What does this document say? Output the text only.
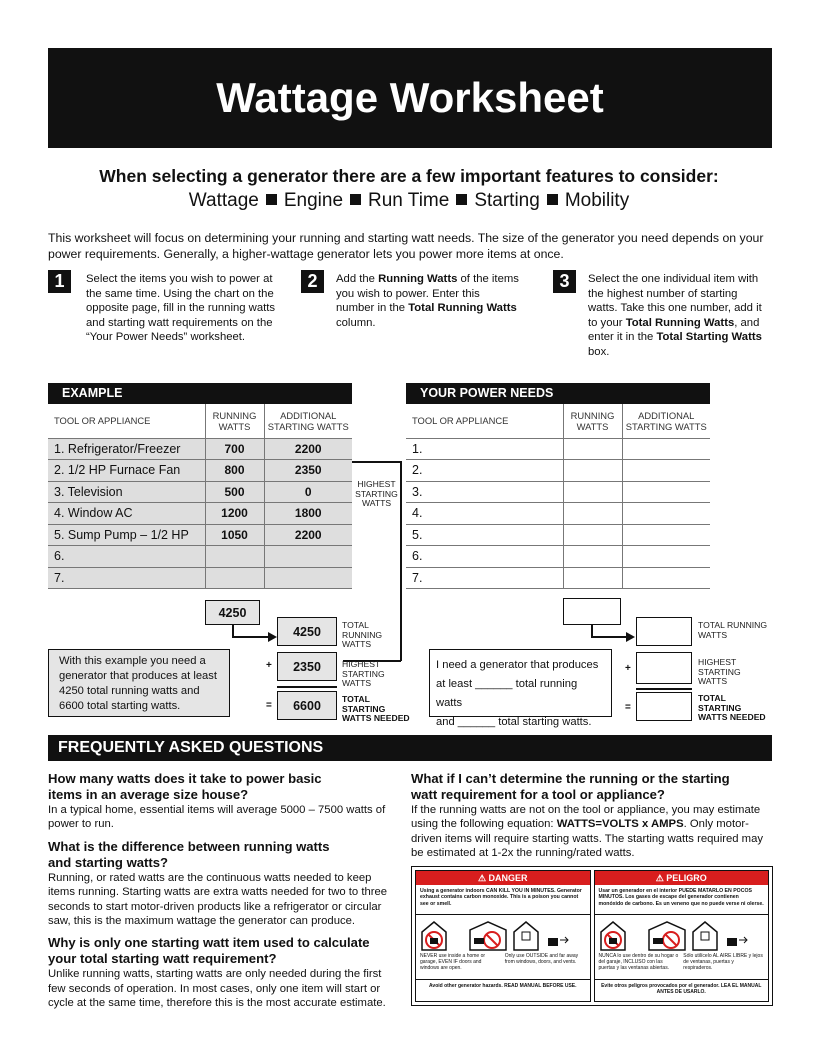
Wattage Worksheet
When selecting a generator there are a few important features to consider:
Wattage Engine Run Time Starting Mobility
This worksheet will focus on determining your running and starting watt needs. The size of the generator you need depends on your power requirements. Generally, a higher-wattage generator lets you power more items at once.
1	Select the items you wish to power at the same time. Using the chart on the opposite page, fill in the running watts and starting watt requirements on the “Your Power Needs” worksheet.
2	Add the Running Watts of the items you wish to power. Enter this number in the Total Running Watts column.
3	Select the one individual item with the highest number of starting watts. Take this one number, add it to your Total Running Watts, and enter it in the Total Starting Watts box.
EXAMPLE
TOOL OR APPLIANCE	RUNNING WATTS	ADDITIONAL STARTING WATTS
1. Refrigerator/Freezer	700	2200
2. 1/2 HP Furnace Fan	800	2350
3. Television	500	0
4. Window AC	1200	1800
5. Sump Pump – 1/2 HP	1050	2200
6.		
7.		
YOUR POWER NEEDS
TOOL OR APPLIANCE	RUNNING WATTS	ADDITIONAL STARTING WATTS
1.		
2.		
3.		
4.		
5.		
6.		
7.		
HIGHEST STARTING WATTS
4250
4250	TOTAL RUNNING WATTS
+	2350	HIGHEST STARTING WATTS
=	6600	TOTAL STARTING WATTS NEEDED
With this example you need a generator that produces at least 4250 total running watts and 6600 total starting watts.
TOTAL RUNNING WATTS
+
HIGHEST STARTING WATTS
=
TOTAL STARTING WATTS NEEDED
I need a generator that produces
at least ______ total running watts
and ______ total starting watts.
FREQUENTLY ASKED QUESTIONS
How many watts does it take to power basic items in an average size house?
In a typical home, essential items will average 5000 – 7500 watts of power to run.
What is the difference between running watts and starting watts?
Running, or rated watts are the continuous watts needed to keep items running. Starting watts are extra watts needed for two to three seconds to start motor-driven products like a refrigerator or circular saw, this is the maximum wattage the generator can produce.
Why is only one starting watt item used to calculate your total starting watt requirement?
Unlike running watts, starting watts are only needed during the first few seconds of operation. In most cases, only one item will start or cycle at the same time, therefore this is the most accurate estimate.
What if I can’t determine the running or the starting watt requirement for a tool or appliance?
If the running watts are not on the tool or appliance, you may estimate using the following equation: WATTS=VOLTS x AMPS. Only motor-driven items will require starting watts. The starting watts required may be estimated at 1-2x the running/rated watts.
⚠ DANGER
Using a generator indoors CAN KILL YOU IN MINUTES. Generator exhaust contains carbon monoxide. This is a poison you cannot see or smell.
NEVER use inside a home or garage, EVEN IF doors and windows are open.
Only use OUTSIDE and far away from windows, doors, and vents.
Avoid other generator hazards. READ MANUAL BEFORE USE.
⚠ PELIGRO
Usar un generador en el interior PUEDE MATARLO EN POCOS MINUTOS. Los gases de escape del generador contienen monóxido de carbono. Es un veneno que no puede verse ni olerse.
NUNCA lo use dentro de su hogar o del garaje, INCLUSO con las puertas y las ventanas abiertas.
Sólo utilícelo AL AIRE LIBRE y lejos de ventanas, puertas y respiraderos.
Evite otros peligros provocados por el generador. LEA EL MANUAL ANTES DE USARLO.
